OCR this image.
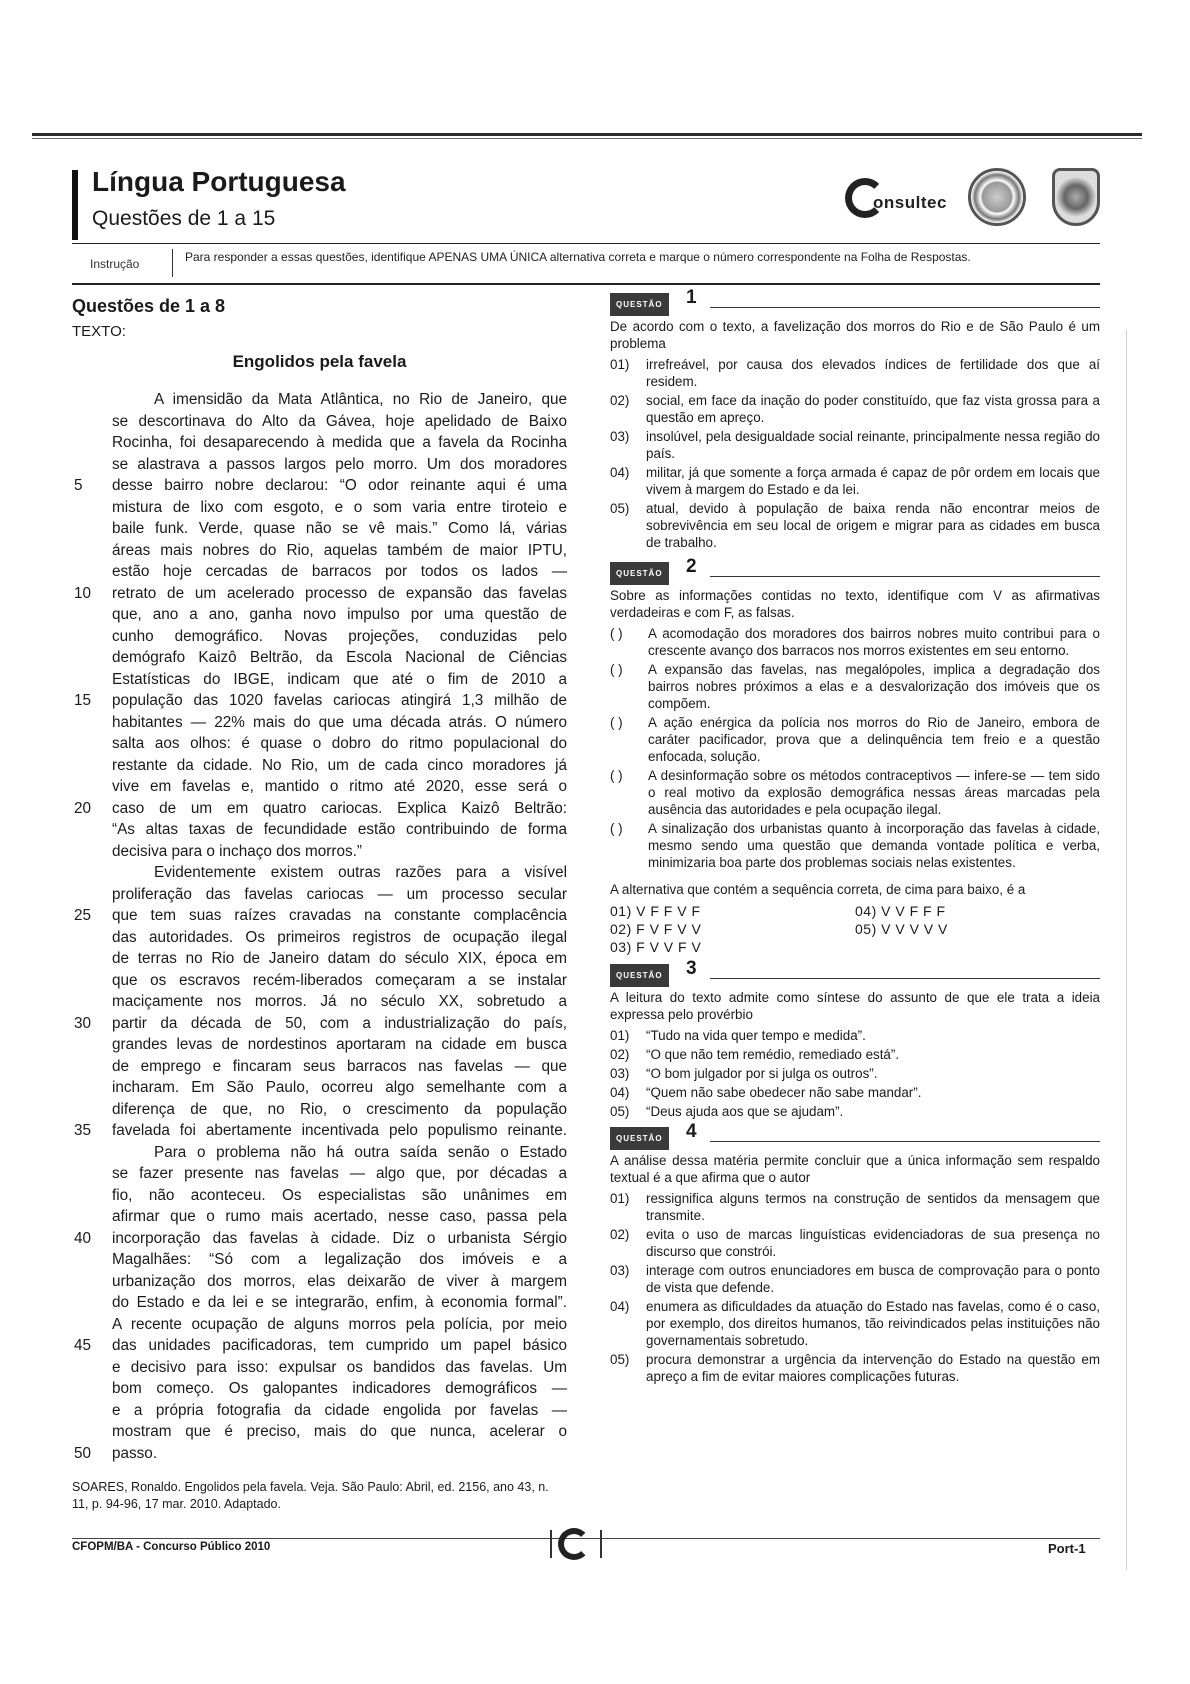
Língua Portuguesa
Questões de 1 a 15
onsultec
Instrução	Para responder a essas questões, identifique APENAS UMA ÚNICA alternativa correta e marque o número correspondente na Folha de Respostas.
Questões de 1 a 8
TEXTO:
Engolidos pela favela
A imensidão da Mata Atlântica, no Rio de Janeiro, que
se descortinava do Alto da Gávea, hoje apelidado de Baixo
Rocinha, foi desaparecendo à medida que a favela da Rocinha
se alastrava a passos largos pelo morro. Um dos moradores
5	desse bairro nobre declarou: “O odor reinante aqui é uma
mistura de lixo com esgoto, e o som varia entre tiroteio e
baile funk. Verde, quase não se vê mais.” Como lá, várias
áreas mais nobres do Rio, aquelas também de maior IPTU,
estão hoje cercadas de barracos por todos os lados —
10	retrato de um acelerado processo de expansão das favelas
que, ano a ano, ganha novo impulso por uma questão de
cunho demográfico. Novas projeções, conduzidas pelo
demógrafo Kaizô Beltrão, da Escola Nacional de Ciências
Estatísticas do IBGE, indicam que até o fim de 2010 a
15	população das 1020 favelas cariocas atingirá 1,3 milhão de
habitantes — 22% mais do que uma década atrás. O número
salta aos olhos: é quase o dobro do ritmo populacional do
restante da cidade. No Rio, um de cada cinco moradores já
vive em favelas e, mantido o ritmo até 2020, esse será o
20	caso de um em quatro cariocas. Explica Kaizô Beltrão:
“As altas taxas de fecundidade estão contribuindo de forma
decisiva para o inchaço dos morros.”
Evidentemente existem outras razões para a visível
proliferação das favelas cariocas — um processo secular
25	que tem suas raízes cravadas na constante complacência
das autoridades. Os primeiros registros de ocupação ilegal
de terras no Rio de Janeiro datam do século XIX, época em
que os escravos recém-liberados começaram a se instalar
maciçamente nos morros. Já no século XX, sobretudo a
30	partir da década de 50, com a industrialização do país,
grandes levas de nordestinos aportaram na cidade em busca
de emprego e fincaram seus barracos nas favelas — que
incharam. Em São Paulo, ocorreu algo semelhante com a
diferença de que, no Rio, o crescimento da população
35	favelada foi abertamente incentivada pelo populismo reinante.
Para o problema não há outra saída senão o Estado
se fazer presente nas favelas — algo que, por décadas a
fio, não aconteceu. Os especialistas são unânimes em
afirmar que o rumo mais acertado, nesse caso, passa pela
40	incorporação das favelas à cidade. Diz o urbanista Sérgio
Magalhães: “Só com a legalização dos imóveis e a
urbanização dos morros, elas deixarão de viver à margem
do Estado e da lei e se integrarão, enfim, à economia formal”.
A recente ocupação de alguns morros pela polícia, por meio
45	das unidades pacificadoras, tem cumprido um papel básico
e decisivo para isso: expulsar os bandidos das favelas. Um
bom começo. Os galopantes indicadores demográficos —
e a própria fotografia da cidade engolida por favelas —
mostram que é preciso, mais do que nunca, acelerar o
50	passo.
SOARES, Ronaldo. Engolidos pela favela. Veja. São Paulo: Abril, ed. 2156, ano 43, n. 11, p. 94-96, 17 mar. 2010. Adaptado.
QUESTÃO	1
De acordo com o texto, a favelização dos morros do Rio e de São Paulo é um problema
01) irrefreável, por causa dos elevados índices de fertilidade dos que aí residem.
02) social, em face da inação do poder constituído, que faz vista grossa para a questão em apreço.
03) insolúvel, pela desigualdade social reinante, principalmente nessa região do país.
04) militar, já que somente a força armada é capaz de pôr ordem em locais que vivem à margem do Estado e da lei.
05) atual, devido à população de baixa renda não encontrar meios de sobrevivência em seu local de origem e migrar para as cidades em busca de trabalho.
QUESTÃO	2
Sobre as informações contidas no texto, identifique com V as afirmativas verdadeiras e com F, as falsas.
( ) A acomodação dos moradores dos bairros nobres muito contribui para o crescente avanço dos barracos nos morros existentes em seu entorno.
( ) A expansão das favelas, nas megalópoles, implica a degradação dos bairros nobres próximos a elas e a desvalorização dos imóveis que os compõem.
( ) A ação enérgica da polícia nos morros do Rio de Janeiro, embora de caráter pacificador, prova que a delinquência tem freio e a questão enfocada, solução.
( ) A desinformação sobre os métodos contraceptivos — infere-se — tem sido o real motivo da explosão demográfica nessas áreas marcadas pela ausência das autoridades e pela ocupação ilegal.
( ) A sinalização dos urbanistas quanto à incorporação das favelas à cidade, mesmo sendo uma questão que demanda vontade política e verba, minimizaria boa parte dos problemas sociais nelas existentes.
A alternativa que contém a sequência correta, de cima para baixo, é a
01) V F F V F
02) F V F V V
03) F V V F V
04) V V F F F
05) V V V V V
QUESTÃO	3
A leitura do texto admite como síntese do assunto de que ele trata a ideia expressa pelo provérbio
01) “Tudo na vida quer tempo e medida”.
02) “O que não tem remédio, remediado está”.
03) “O bom julgador por si julga os outros”.
04) “Quem não sabe obedecer não sabe mandar”.
05) “Deus ajuda aos que se ajudam”.
QUESTÃO	4
A análise dessa matéria permite concluir que a única informação sem respaldo textual é a que afirma que o autor
01) ressignifica alguns termos na construção de sentidos da mensagem que transmite.
02) evita o uso de marcas linguísticas evidenciadoras de sua presença no discurso que constrói.
03) interage com outros enunciadores em busca de comprovação para o ponto de vista que defende.
04) enumera as dificuldades da atuação do Estado nas favelas, como é o caso, por exemplo, dos direitos humanos, tão reivindicados pelas instituições não governamentais sobretudo.
05) procura demonstrar a urgência da intervenção do Estado na questão em apreço a fim de evitar maiores complicações futuras.
CFOPM/BA - Concurso Público 2010	Port-1
